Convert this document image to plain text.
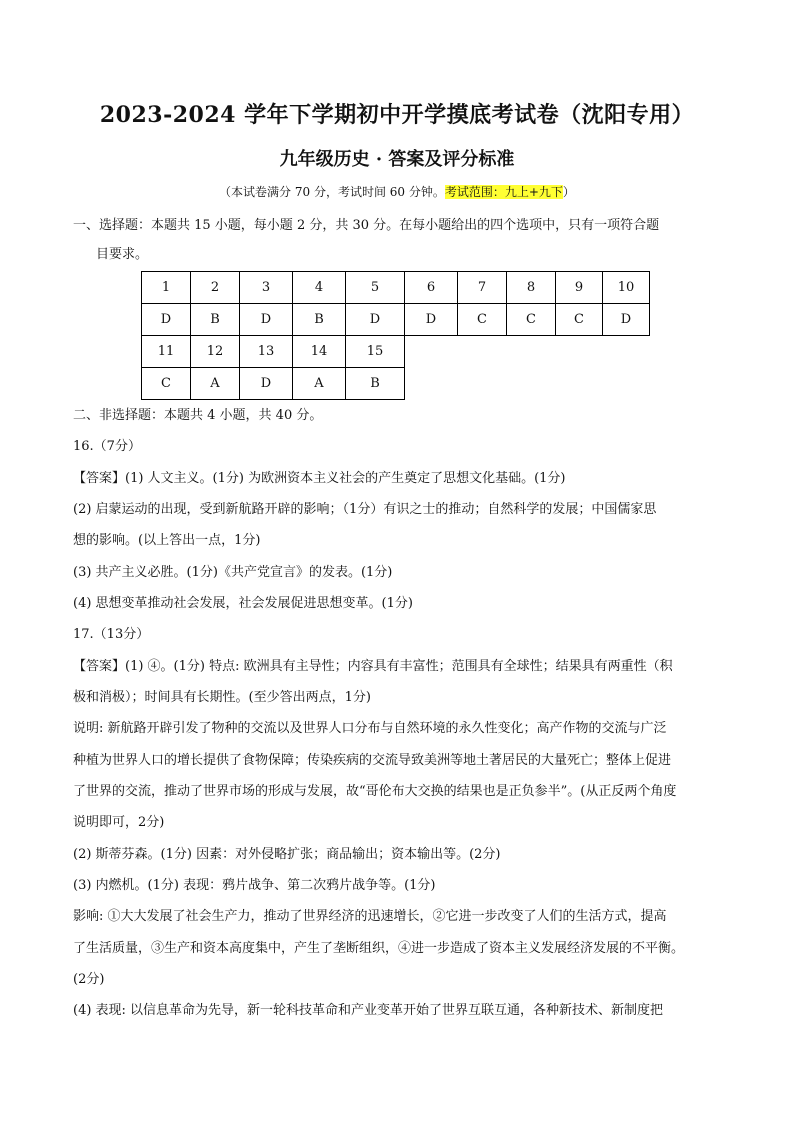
2023-2024 学年下学期初中开学摸底考试卷（沈阳专用）
九年级历史 · 答案及评分标准
（本试卷满分 70 分，考试时间 60 分钟。考试范围：九上+九下）
一、选择题：本题共 15 小题，每小题 2 分，共 30 分。在每小题给出的四个选项中，只有一项符合题
目要求。
1	2	3	4	5	6	7	8	9	10
D	B	D	B	D	D	C	C	C	D
11	12	13	14	15
C	A	D	A	B
二、非选择题：本题共 4 小题，共 40 分。
16.（7分）
【答案】(1) 人文主义。(1分) 为欧洲资本主义社会的产生奠定了思想文化基础。(1分)
(2) 启蒙运动的出现，受到新航路开辟的影响；（1分）有识之士的推动；自然科学的发展；中国儒家思
想的影响。(以上答出一点，1分)
(3) 共产主义必胜。(1分)《共产党宣言》的发表。(1分)
(4) 思想变革推动社会发展，社会发展促进思想变革。(1分)
17.（13分）
【答案】(1) ④。(1分) 特点: 欧洲具有主导性；内容具有丰富性；范围具有全球性；结果具有两重性（积
极和消极）；时间具有长期性。(至少答出两点，1分)
说明: 新航路开辟引发了物种的交流以及世界人口分布与自然环境的永久性变化；高产作物的交流与广泛
种植为世界人口的增长提供了食物保障；传染疾病的交流导致美洲等地土著居民的大量死亡；整体上促进
了世界的交流，推动了世界市场的形成与发展，故“哥伦布大交换的结果也是正负参半”。(从正反两个角度
说明即可，2分)
(2) 斯蒂芬森。(1分) 因素：对外侵略扩张；商品输出；资本输出等。(2分)
(3) 内燃机。(1分) 表现：鸦片战争、第二次鸦片战争等。(1分)
影响: ①大大发展了社会生产力，推动了世界经济的迅速增长，②它进一步改变了人们的生活方式，提高
了生活质量，③生产和资本高度集中，产生了垄断组织，④进一步造成了资本主义发展经济发展的不平衡。
(2分)
(4) 表现: 以信息革命为先导，新一轮科技革命和产业变革开始了世界互联互通，各种新技术、新制度把
